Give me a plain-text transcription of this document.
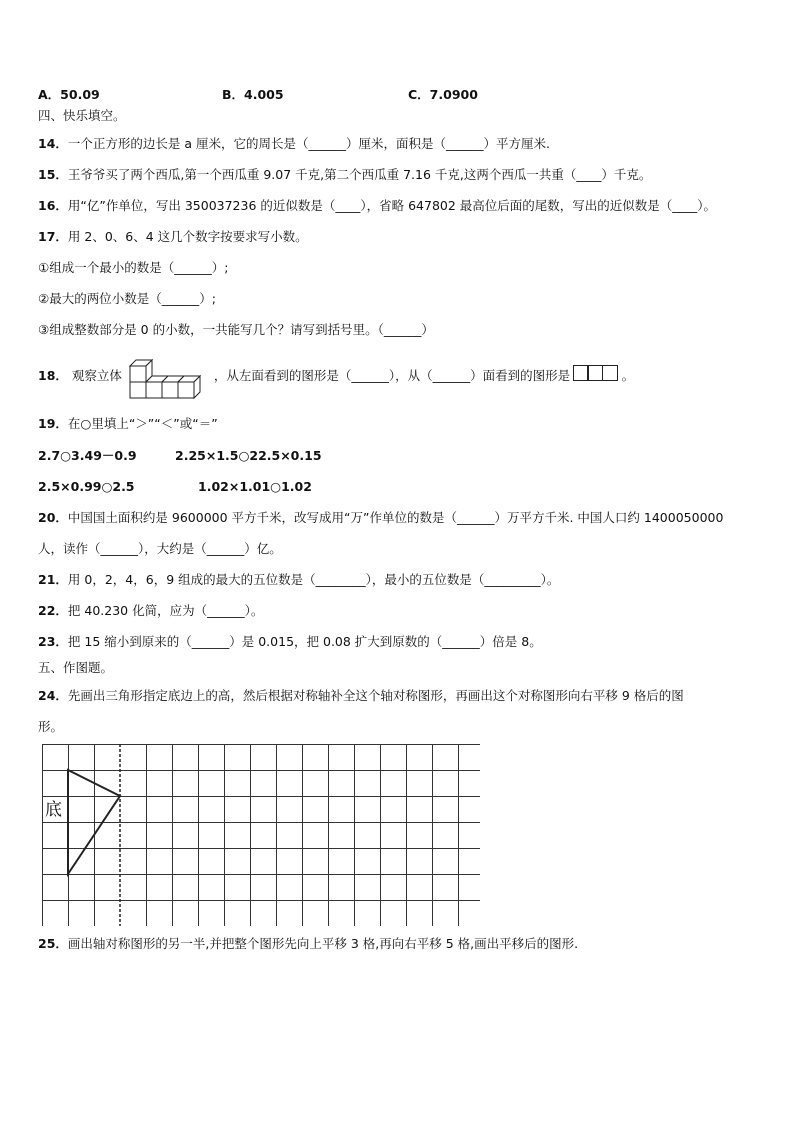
A．50.09	B．4.005	C．7.0900
四、快乐填空。
14．一个正方形的边长是 a 厘米，它的周长是（______）厘米，面积是（______）平方厘米.
15．王爷爷买了两个西瓜,第一个西瓜重 9.07 千克,第二个西瓜重 7.16 千克,这两个西瓜一共重（____）千克。
16．用“亿”作单位，写出 350037236 的近似数是（____），省略 647802 最高位后面的尾数，写出的近似数是（____）。
17．用 2、0、6、4 这几个数字按要求写小数。
①组成一个最小的数是（______）;
②最大的两位小数是（______）;
③组成整数部分是 0 的小数，一共能写几个？请写到括号里。（______）
18． 观察立体	，从左面看到的图形是（______），从（______）面看到的图形是	。
19．在○里填上“＞”“＜”或“＝”
2.7○3.49－0.9	2.25×1.5○22.5×0.15
2.5×0.99○2.5	1.02×1.01○1.02
20．中国国土面积约是 9600000 平方千米，改写成用“万”作单位的数是（______）万平方千米. 中国人口约 1400050000
人，读作（______），大约是（______）亿。
21．用 0，2，4，6，9 组成的最大的五位数是（________），最小的五位数是（_________）。
22．把 40.230 化简，应为（______）。
23．把 15 缩小到原来的（______）是 0.015，把 0.08 扩大到原数的（______）倍是 8。
五、作图题。
24．先画出三角形指定底边上的高，然后根据对称轴补全这个轴对称图形，再画出这个对称图形向右平移 9 格后的图
形。
底
25．画出轴对称图形的另一半,并把整个图形先向上平移 3 格,再向右平移 5 格,画出平移后的图形.
